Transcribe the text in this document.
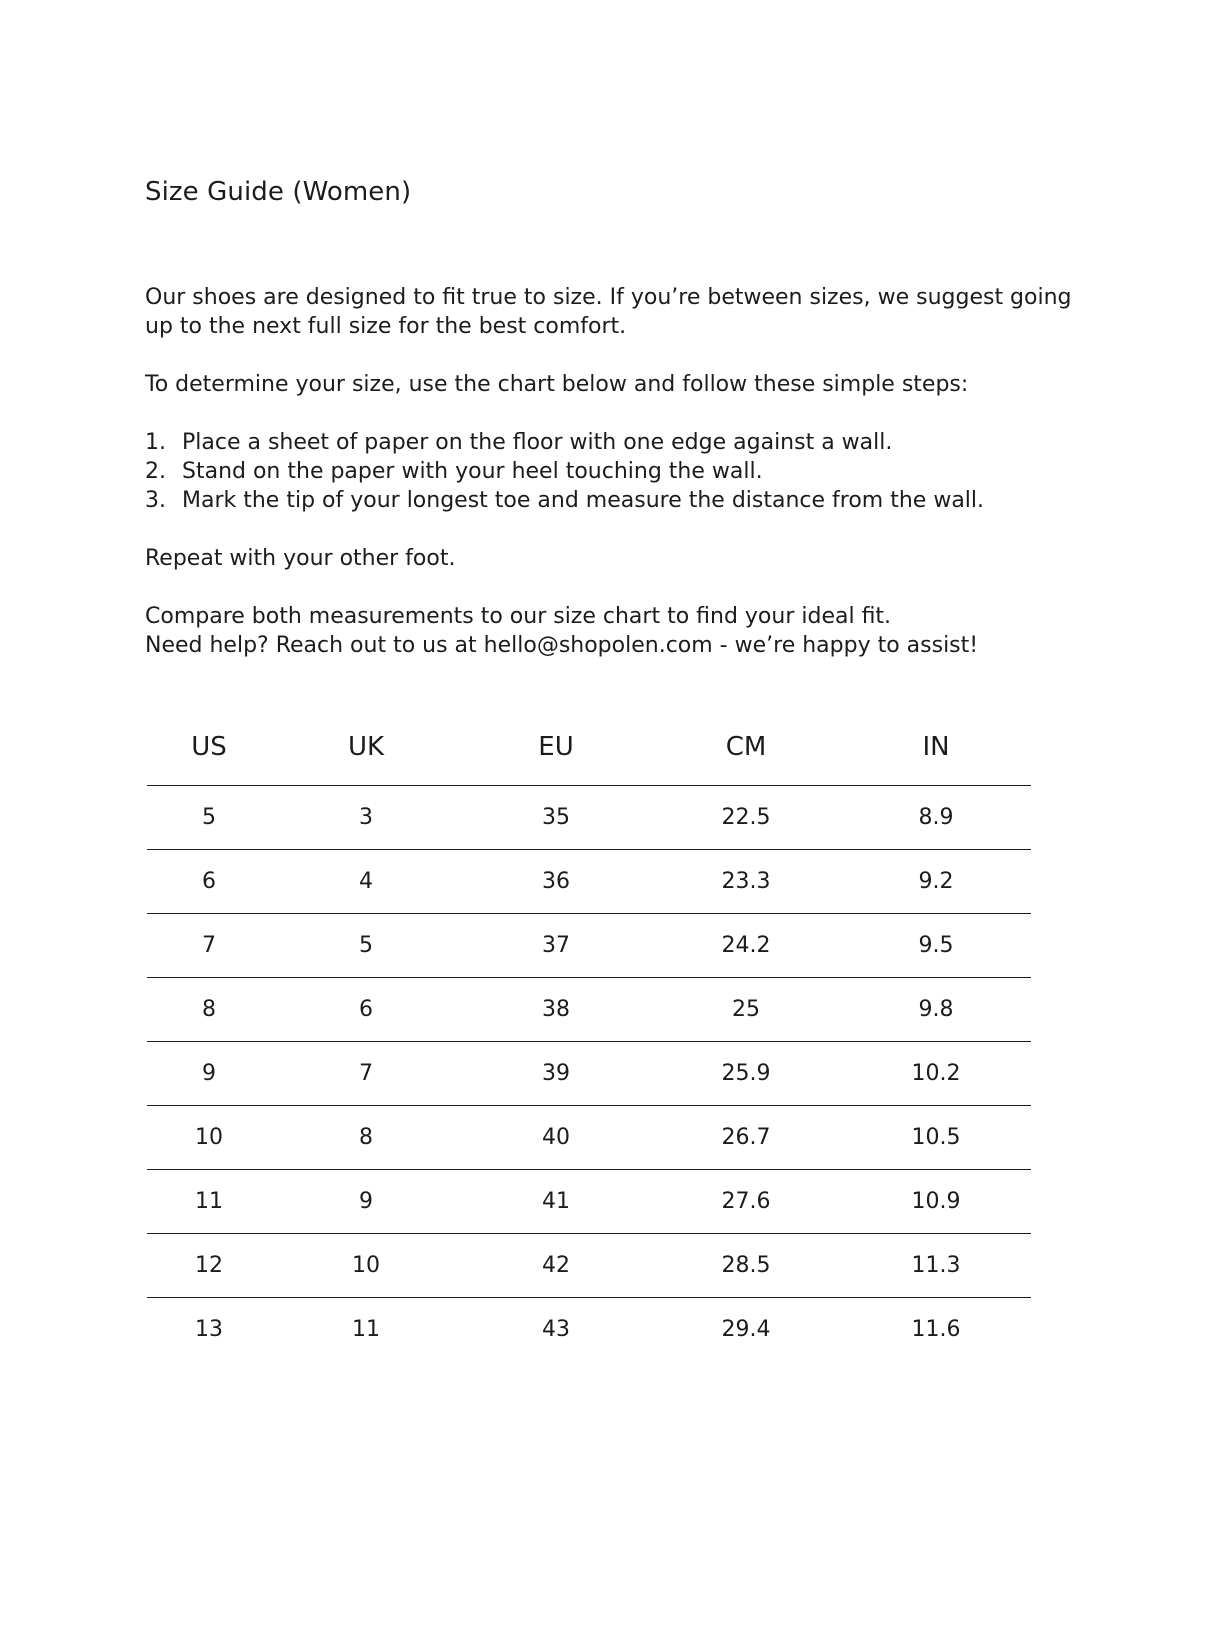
Size Guide (Women)

Our shoes are designed to fit true to size. If you’re between sizes, we suggest going up to the next full size for the best comfort.

To determine your size, use the chart below and follow these simple steps:

1. Place a sheet of paper on the floor with one edge against a wall.
2. Stand on the paper with your heel touching the wall.
3. Mark the tip of your longest toe and measure the distance from the wall.

Repeat with your other foot.

Compare both measurements to our size chart to find your ideal fit.
Need help? Reach out to us at hello@shopolen.com - we’re happy to assist!
US	UK	EU	CM	IN
5	3	35	22.5	8.9
6	4	36	23.3	9.2
7	5	37	24.2	9.5
8	6	38	25	9.8
9	7	39	25.9	10.2
10	8	40	26.7	10.5
11	9	41	27.6	10.9
12	10	42	28.5	11.3
13	11	43	29.4	11.6
